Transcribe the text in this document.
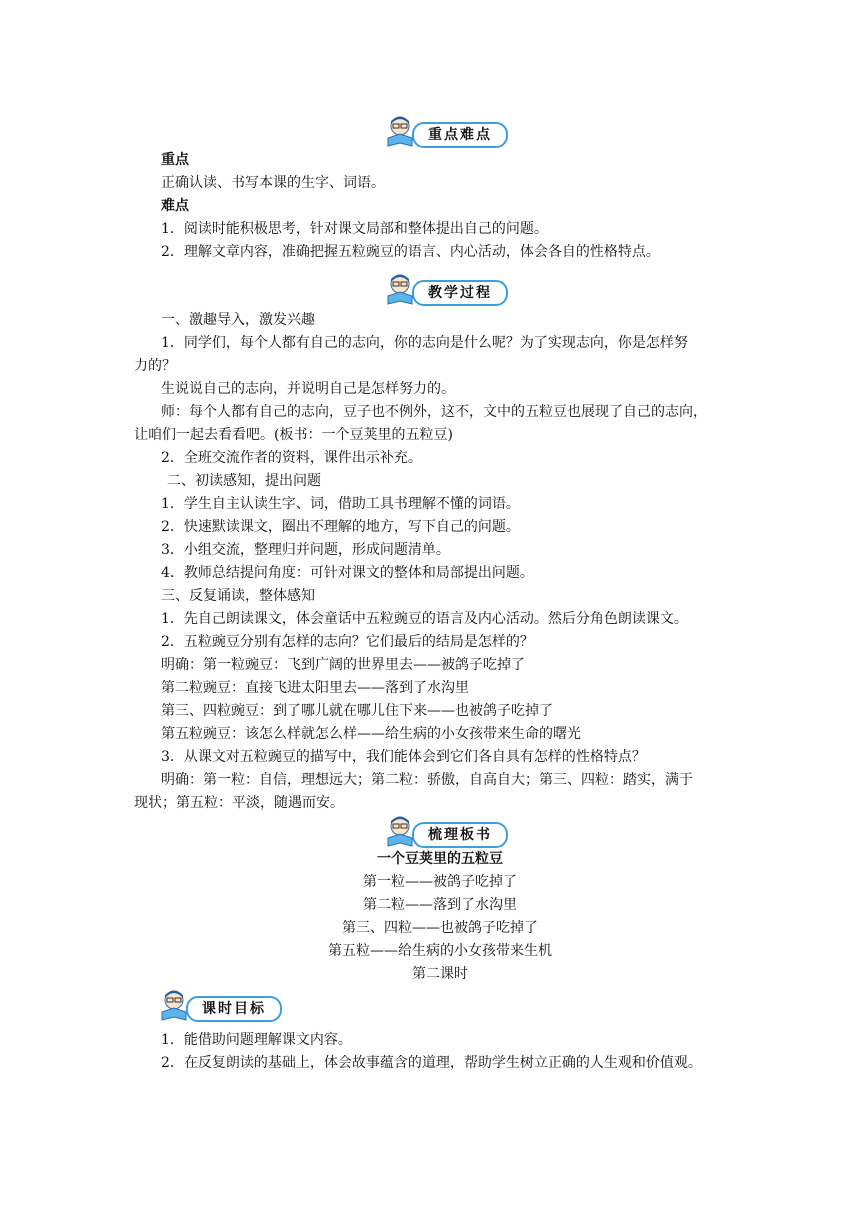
重点难点
重点
正确认读、书写本课的生字、词语。
难点
1．阅读时能积极思考，针对课文局部和整体提出自己的问题。
2．理解文章内容，准确把握五粒豌豆的语言、内心活动，体会各自的性格特点。
教学过程
一、激趣导入，激发兴趣
1．同学们，每个人都有自己的志向，你的志向是什么呢？为了实现志向，你是怎样努
力的？
生说说自己的志向，并说明自己是怎样努力的。
师：每个人都有自己的志向，豆子也不例外，这不，文中的五粒豆也展现了自己的志向，
让咱们一起去看看吧。(板书：一个豆荚里的五粒豆)
2．全班交流作者的资料，课件出示补充。
二、初读感知，提出问题
1．学生自主认读生字、词，借助工具书理解不懂的词语。
2．快速默读课文，圈出不理解的地方，写下自己的问题。
3．小组交流，整理归并问题，形成问题清单。
4．教师总结提问角度：可针对课文的整体和局部提出问题。
三、反复诵读，整体感知
1．先自己朗读课文，体会童话中五粒豌豆的语言及内心活动。然后分角色朗读课文。
2．五粒豌豆分别有怎样的志向？它们最后的结局是怎样的？
明确：第一粒豌豆：飞到广阔的世界里去——被鸽子吃掉了
第二粒豌豆：直接飞进太阳里去——落到了水沟里
第三、四粒豌豆：到了哪儿就在哪儿住下来——也被鸽子吃掉了
第五粒豌豆：该怎么样就怎么样——给生病的小女孩带来生命的曙光
3．从课文对五粒豌豆的描写中，我们能体会到它们各自具有怎样的性格特点？
明确：第一粒：自信，理想远大；第二粒：骄傲，自高自大；第三、四粒：踏实，满于
现状；第五粒：平淡，随遇而安。
梳理板书
一个豆荚里的五粒豆
第一粒——被鸽子吃掉了
第二粒——落到了水沟里
第三、四粒——也被鸽子吃掉了
第五粒——给生病的小女孩带来生机
第二课时
课时目标
1．能借助问题理解课文内容。
2．在反复朗读的基础上，体会故事蕴含的道理，帮助学生树立正确的人生观和价值观。
